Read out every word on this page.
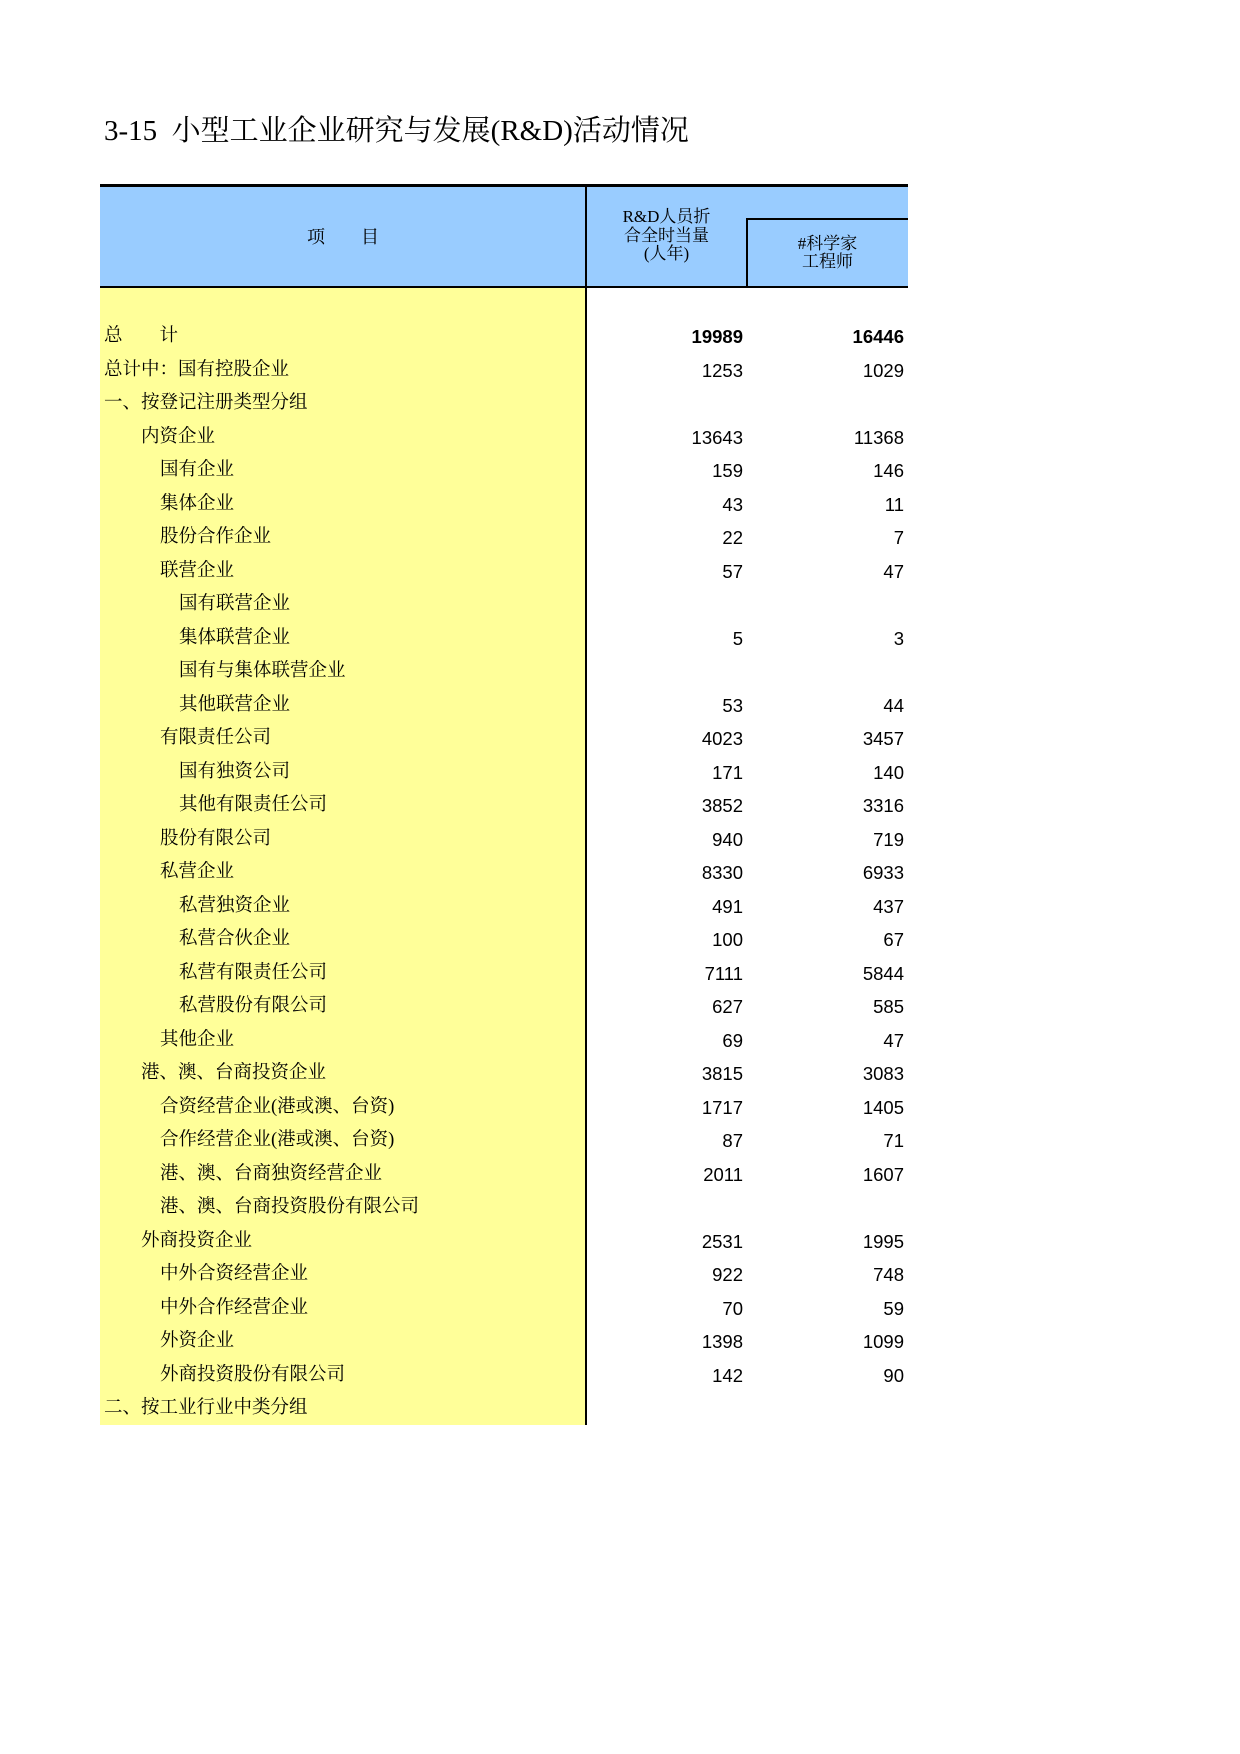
3-15  小型工业企业研究与发展(R&D)活动情况
项　　目
R&D人员折
合全时当量
(人年)
#科学家
工程师
总　　计	19989	16446
总计中：国有控股企业	1253	1029
一、按登记注册类型分组
内资企业	13643	11368
国有企业	159	146
集体企业	43	11
股份合作企业	22	7
联营企业	57	47
国有联营企业
集体联营企业	5	3
国有与集体联营企业
其他联营企业	53	44
有限责任公司	4023	3457
国有独资公司	171	140
其他有限责任公司	3852	3316
股份有限公司	940	719
私营企业	8330	6933
私营独资企业	491	437
私营合伙企业	100	67
私营有限责任公司	7111	5844
私营股份有限公司	627	585
其他企业	69	47
港、澳、台商投资企业	3815	3083
合资经营企业(港或澳、台资)	1717	1405
合作经营企业(港或澳、台资)	87	71
港、澳、台商独资经营企业	2011	1607
港、澳、台商投资股份有限公司
外商投资企业	2531	1995
中外合资经营企业	922	748
中外合作经营企业	70	59
外资企业	1398	1099
外商投资股份有限公司	142	90
二、按工业行业中类分组
